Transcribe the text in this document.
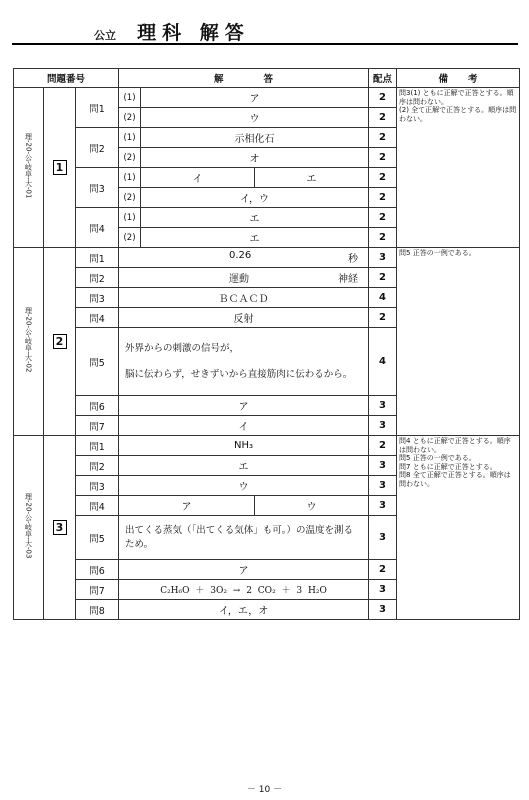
公立 理科 解答
問題番号			解答			配点	備考
理-20-公-岐阜-大-01	1	問1	(1)	ア		2	問3(1) ともに正解で正答とする。順序は問わない。
(2) 全て正解で正答とする。順序は問わない。

			(2)	ウ		2	
		問2	(1)	示相化石		2	
			(2)	オ		2	
		問3	(1)	イ	エ	2	
			(2)	イ，ウ		2	
		問4	(1)	エ		2	
			(2)	エ		2	
理-20-公-岐阜-大-02	2	問1	0.26 秒			3	問5 正答の一例である。

		問2	運動 神経			2	
		問3	ＢＣＡＣＤ			4	
		問4	反射			2	
		問5	外界からの刺激の信号が，
脳に伝わらず，せきずいから直接筋肉に伝わるから。			4	
		問6	ア			3	
		問7	イ			3	
理-20-公-岐阜-大-03	3	問1	NH₃			2	問4 ともに正解で正答とする。順序は問わない。
問5 正答の一例である。
問7 ともに正解で正答とする。
問8 全て正解で正答とする。順序は問わない。

		問2	エ			3	
		問3	ウ			3	
		問4	ア		ウ	3	
		問5	出てくる蒸気（「出てくる気体」も可。）の温度を測るため。			3	
		問6	ア			2	
		問7	C₂H₆O ＋ 3O₂ → 2 CO₂ ＋ 3 H₂O			3	
		問8	イ，エ，オ			3	
－ 10 －
